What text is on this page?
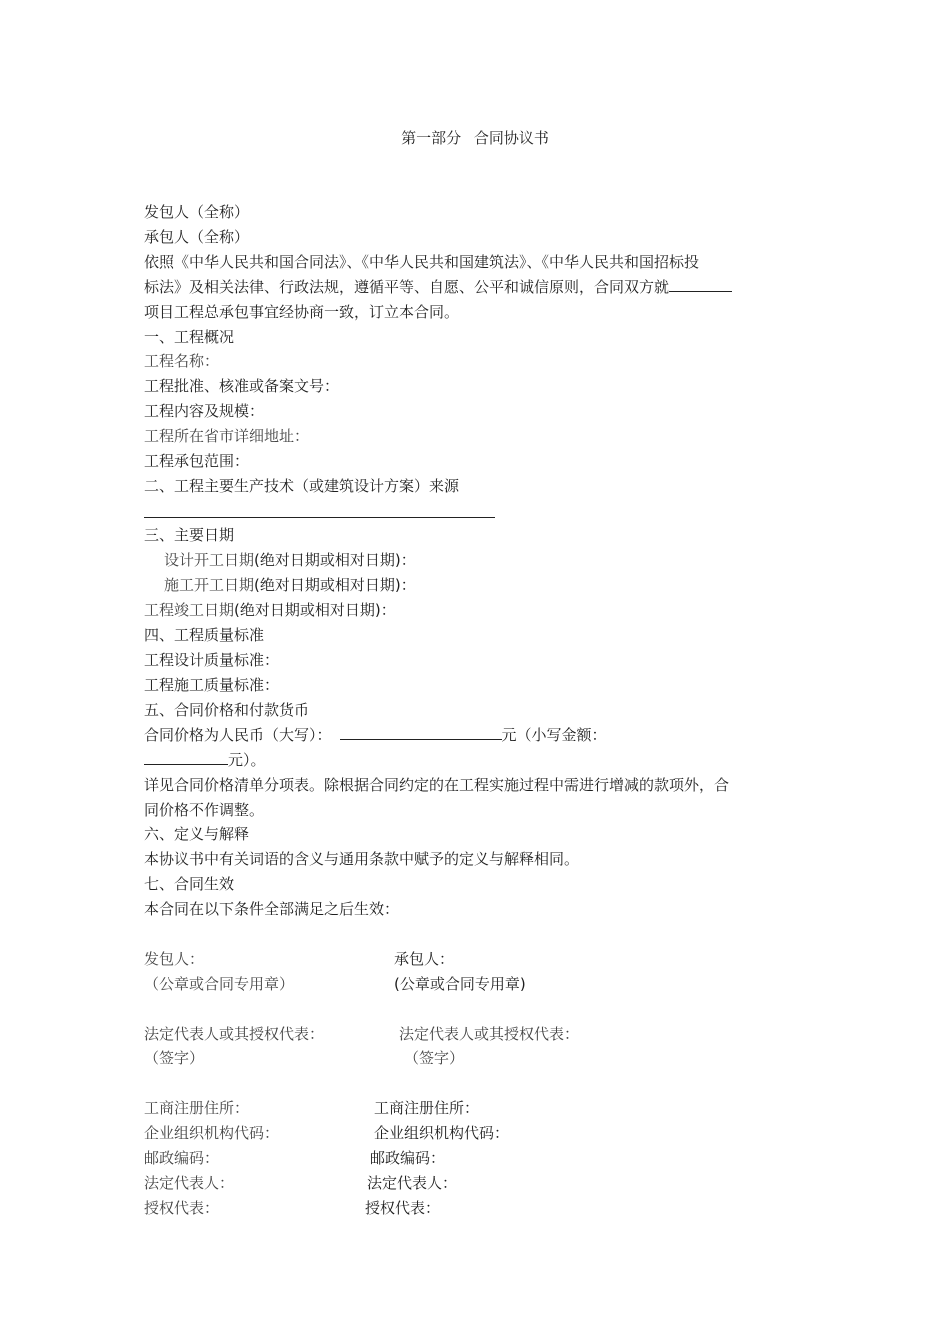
第一部分 合同协议书
发包人（全称）
承包人（全称）
依照《中华人民共和国合同法》、《中华人民共和国建筑法》、《中华人民共和国招标投
标法》及相关法律、行政法规，遵循平等、自愿、公平和诚信原则，合同双方就
项目工程总承包事宜经协商一致，订立本合同。
一、工程概况
工程名称：
工程批准、核准或备案文号：
工程内容及规模：
工程所在省市详细地址：
工程承包范围：
二、工程主要生产技术（或建筑设计方案）来源
三、主要日期
设计开工日期(绝对日期或相对日期)：
施工开工日期(绝对日期或相对日期)：
工程竣工日期(绝对日期或相对日期)：
四、工程质量标准
工程设计质量标准：
工程施工质量标准：
五、合同价格和付款货币
合同价格为人民币（大写）：	元（小写金额：
元）。
详见合同价格清单分项表。除根据合同约定的在工程实施过程中需进行增减的款项外，合
同价格不作调整。
六、定义与解释
本协议书中有关词语的含义与通用条款中赋予的定义与解释相同。
七、合同生效
本合同在以下条件全部满足之后生效：
发包人：	承包人：
（公章或合同专用章）	(公章或合同专用章)
法定代表人或其授权代表：	法定代表人或其授权代表：
（签字）	（签字）
工商注册住所：	工商注册住所：
企业组织机构代码：	企业组织机构代码：
邮政编码：	邮政编码：
法定代表人：	法定代表人：
授权代表：	授权代表：
